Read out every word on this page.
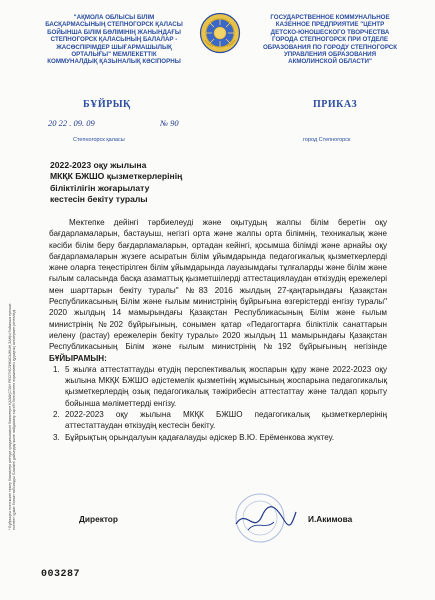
"АҚМОЛА ОБЛЫСЫ БІЛІМ
БАСҚАРМАСЫНЫҢ СТЕПНОГОРСК ҚАЛАСЫ
БОЙЫНША БІЛІМ БӨЛІМІНІҢ ЖАНЫНДАҒЫ
СТЕПНОГОРСК ҚАЛАСЫНЫҢ БАЛАЛАР -
ЖАСӨСПІРІМДЕР ШЫҒАРМАШЫЛЫҚ
ОРТАЛЫҒЫ" МЕМЛЕКЕТТІК
КОММУНАЛДЫҚ ҚАЗЫНАЛЫҚ КӘСІПОРНЫ
ГОСУДАРСТВЕННОЕ КОММУНАЛЬНОЕ
КАЗЕННОЕ ПРЕДПРИЯТИЕ "ЦЕНТР
ДЕТСКО-ЮНОШЕСКОГО ТВОРЧЕСТВА
ГОРОДА СТЕПНОГОРСК ПРИ ОТДЕЛЕ
ОБРАЗОВАНИЯ ПО ГОРОДУ СТЕПНОГОРСК
УПРАВЛЕНИЯ ОБРАЗОВАНИЯ
АКМОЛИНСКОЙ ОБЛАСТИ"
БҰЙРЫҚ	ПРИКАЗ
20 22 . 09. 09	№ 90
Степногорск қаласы	город Степногорск
2022-2023 оқу жылына
МКҚК БЖШО қызметкерлерінің
біліктілігін жоғарылату
кестесін бекіту туралы

Мектепке дейінгі тәрбиелеуді және оқытудың жалпы білім беретін оқу бағдарламаларын, бастауыш, негізгі орта және жалпы орта білімнің, техникалық және кәсіби білім беру бағдарламаларын, ортадан кейінгі, қосымша білімді және арнайы оқу бағдарламаларын жүзеге асыратын білім ұйымдарында педагогикалық қызметкерлерді және оларға теңестірілген білім ұйымдарында лауазымдағы тұлғаларды және білім және ғылым саласында басқа азаматтық қызметшілерді аттестациялаудан өткізудің ережелері мен шарттарын бекіту туралы" №83 2016 жылдың 27-қаңтарындағы Қазақстан Республикасының Білім және ғылым министрінің бұйрығына өзгерістерді енгізу туралы" 2020 жылдың 14 мамырындағы Қазақстан Республикасының Білім және ғылым министрінің №202 бұйрығының, сонымен қатар «Педагогтарға біліктілік санаттарын иелену (растау) ережелерін бекіту туралы» 2020 жылдың 11 мамырындағы Қазақстан Республикасының Білім және ғылым министрінің №192 бұйрығының негізінде БҰЙЫРАМЫН:

1. 5 жылға аттестаттауды өтудің перспективалық жоспарын құру және 2022-2023 оқу жылына МКҚК БЖШО әдістемелік қызметінің жұмысының жоспарына педагогикалық қызметкерлердің озық педагогикалық тәжірибесін аттестаттау және талдап қорыту бойынша мәліметтерді енгізу.
2. 2022-2023 оқу жылына МКҚК БЖШО педагогикалық қызметкерлерінің аттестаттаудан өткізудің кестесін бекіту.
3. Бұйрықтың орындалуын қадағалауды әдіскер В.Ю. Ерёменкова жүктеу.
* Бұйрықты есеп және тіркеу бланкілері ретінде қолданылатын бланктерге ҚАЗАҚСТАН РЕСПУБЛИКАСЫНЫҢ ЗАҢЫ бойынша ерекше есептегі құжат болып табылады. Бланкіні дайындау және пайдалану тәртібі белгіленген нормативтік құқықтық актілермен реттеледі.	Директор	И.Акимова
003287
